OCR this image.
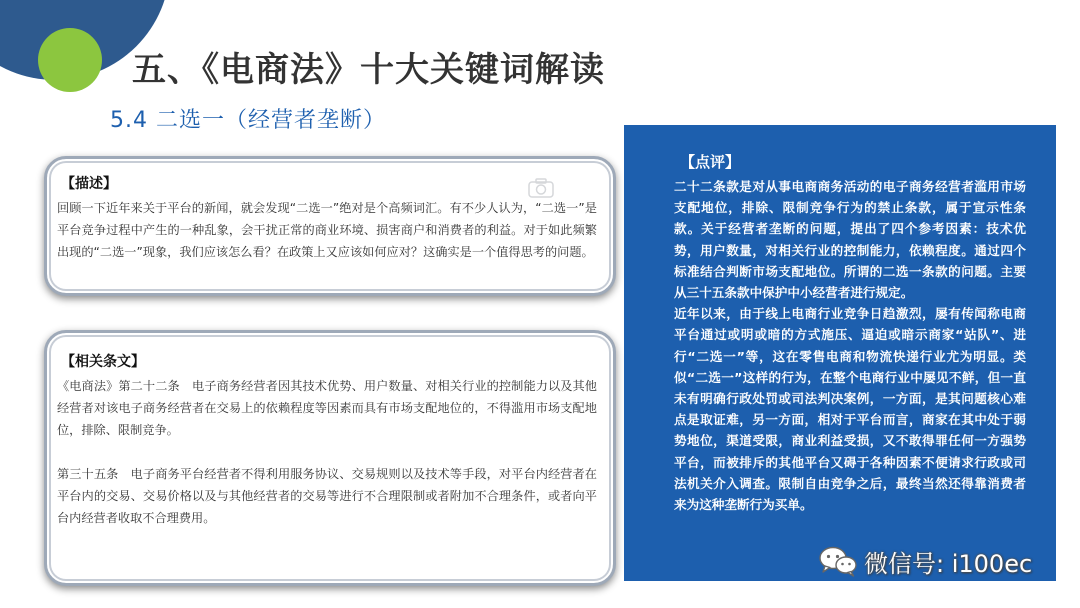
五、《电商法》十大关键词解读
5.4 二选一（经营者垄断）
【描述】

回顾一下近年来关于平台的新闻，就会发现“二选一”绝对是个高频词汇。有不少人认为，“二选一”是平台竞争过程中产生的一种乱象，会干扰正常的商业环境、损害商户和消费者的利益。对于如此频繁出现的“二选一”现象，我们应该怎么看？在政策上又应该如何应对？这确实是一个值得思考的问题。

【相关条文】

《电商法》第二十二条　电子商务经营者因其技术优势、用户数量、对相关行业的控制能力以及其他经营者对该电子商务经营者在交易上的依赖程度等因素而具有市场支配地位的，不得滥用市场支配地位，排除、限制竞争。

第三十五条　电子商务平台经营者不得利用服务协议、交易规则以及技术等手段，对平台内经营者在平台内的交易、交易价格以及与其他经营者的交易等进行不合理限制或者附加不合理条件，或者向平台内经营者收取不合理费用。

【点评】

二十二条款是对从事电商商务活动的电子商务经营者滥用市场支配地位，排除、限制竞争行为的禁止条款，属于宣示性条款。关于经营者垄断的问题，提出了四个参考因素：技术优势，用户数量，对相关行业的控制能力，依赖程度。通过四个标准结合判断市场支配地位。所谓的二选一条款的问题。主要从三十五条款中保护中小经营者进行规定。

近年以来，由于线上电商行业竞争日趋激烈，屡有传闻称电商平台通过或明或暗的方式施压、逼迫或暗示商家“站队”、进行“二选一”等，这在零售电商和物流快递行业尤为明显。类似“二选一”这样的行为，在整个电商行业中屡见不鲜，但一直未有明确行政处罚或司法判决案例，一方面，是其问题核心难点是取证难，另一方面，相对于平台而言，商家在其中处于弱势地位，渠道受限，商业利益受损，又不敢得罪任何一方强势平台，而被排斥的其他平台又碍于各种因素不便请求行政或司法机关介入调查。限制自由竞争之后，最终当然还得靠消费者来为这种垄断行为买单。

微信号: i100ec
